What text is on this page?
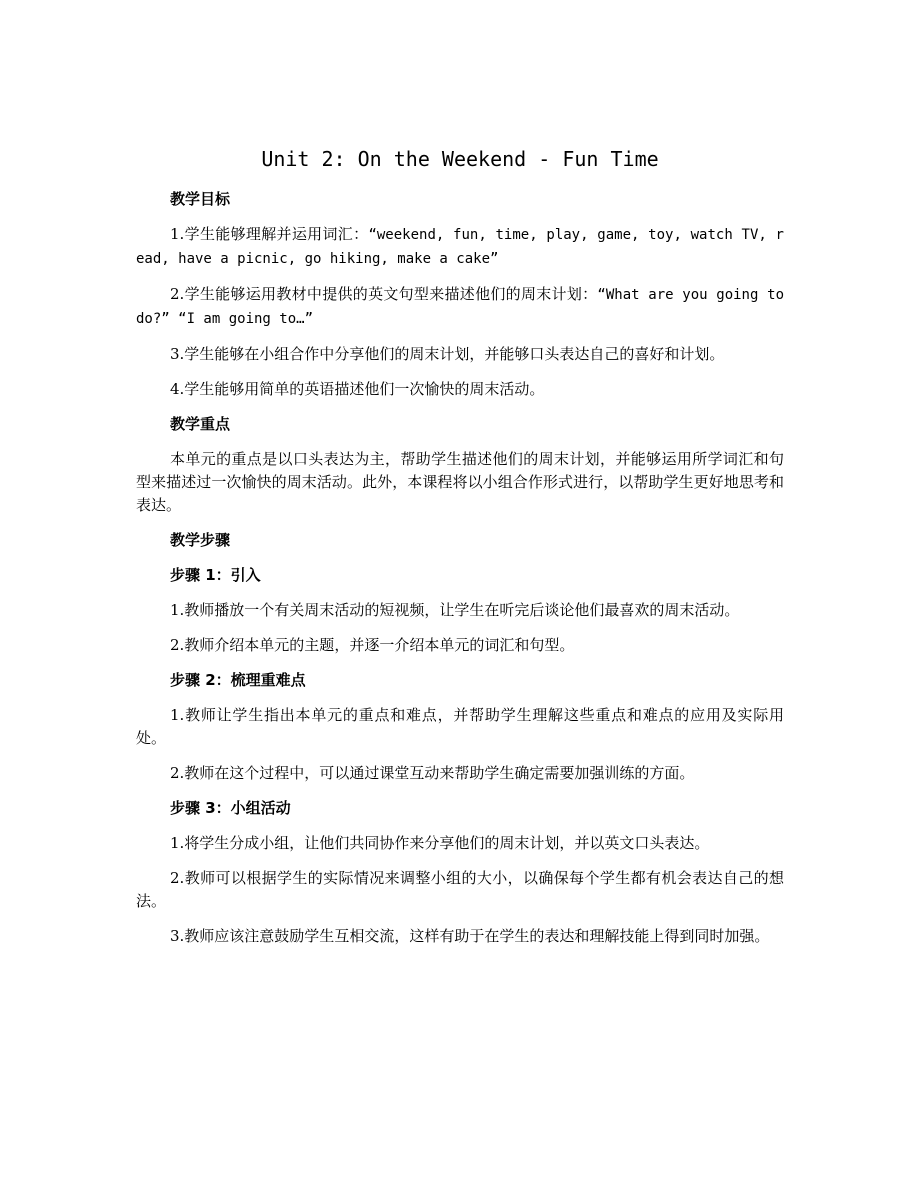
Unit 2: On the Weekend - Fun Time
教学目标

1.学生能够理解并运用词汇：“weekend, fun, time, play, game, toy, watch TV, read, have a picnic, go hiking, make a cake”

2.学生能够运用教材中提供的英文句型来描述他们的周末计划：“What are you going to do?” “I am going to…”

3.学生能够在小组合作中分享他们的周末计划，并能够口头表达自己的喜好和计划。

4.学生能够用简单的英语描述他们一次愉快的周末活动。

教学重点

本单元的重点是以口头表达为主，帮助学生描述他们的周末计划，并能够运用所学词汇和句型来描述过一次愉快的周末活动。此外，本课程将以小组合作形式进行，以帮助学生更好地思考和表达。

教学步骤
步骤 1：引入

1.教师播放一个有关周末活动的短视频，让学生在听完后谈论他们最喜欢的周末活动。

2.教师介绍本单元的主题，并逐一介绍本单元的词汇和句型。

步骤 2：梳理重难点

1.教师让学生指出本单元的重点和难点，并帮助学生理解这些重点和难点的应用及实际用处。

2.教师在这个过程中，可以通过课堂互动来帮助学生确定需要加强训练的方面。

步骤 3：小组活动

1.将学生分成小组，让他们共同协作来分享他们的周末计划，并以英文口头表达。

2.教师可以根据学生的实际情况来调整小组的大小，以确保每个学生都有机会表达自己的想法。

3.教师应该注意鼓励学生互相交流，这样有助于在学生的表达和理解技能上得到同时加强。
